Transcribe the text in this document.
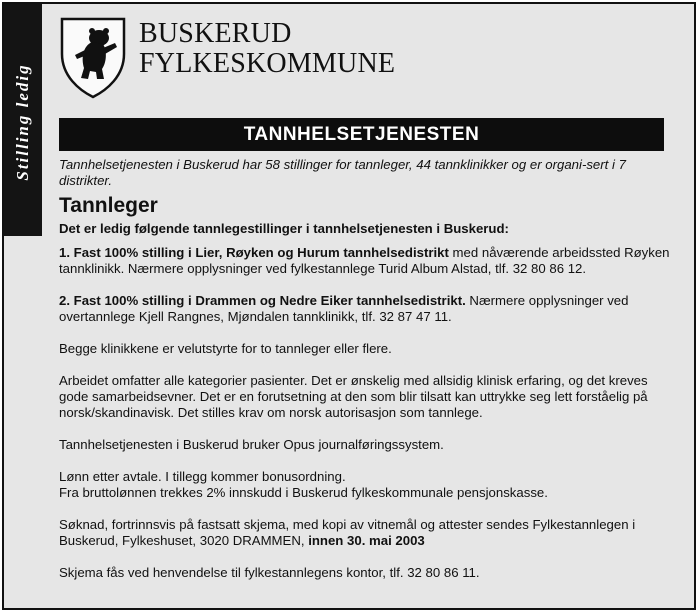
Stilling ledig
BUSKERUD
FYLKESKOMMUNE
TANNHELSETJENESTEN

Tannhelsetjenesten i Buskerud har 58 stillinger for tannleger, 44 tannklinikker og er organi-sert i 7 distrikter.

Tannleger

Det er ledig følgende tannlegestillinger i tannhelsetjenesten i Buskerud:

1. Fast 100% stilling i Lier, Røyken og Hurum tannhelsedistrikt med nåværende arbeidssted Røyken tannklinikk. Nærmere opplysninger ved fylkestannlege Turid Album Alstad, tlf. 32 80 86 12.

2. Fast 100% stilling i Drammen og Nedre Eiker tannhelsedistrikt. Nærmere opplysninger ved overtannlege Kjell Rangnes, Mjøndalen tannklinikk, tlf. 32 87 47 11.

Begge klinikkene er velutstyrte for to tannleger eller flere.

Arbeidet omfatter alle kategorier pasienter. Det er ønskelig med allsidig klinisk erfaring, og det kreves gode samarbeidsevner. Det er en forutsetning at den som blir tilsatt kan uttrykke seg lett forståelig på norsk/skandinavisk. Det stilles krav om norsk autorisasjon som tannlege.

Tannhelsetjenesten i Buskerud bruker Opus journalføringssystem.

Lønn etter avtale. I tillegg kommer bonusordning.

Fra bruttolønnen trekkes 2% innskudd i Buskerud fylkeskommunale pensjonskasse.

Søknad, fortrinnsvis på fastsatt skjema, med kopi av vitnemål og attester sendes Fylkestannlegen i Buskerud, Fylkeshuset, 3020 DRAMMEN, innen 30. mai 2003

Skjema fås ved henvendelse til fylkestannlegens kontor, tlf. 32 80 86 11.
